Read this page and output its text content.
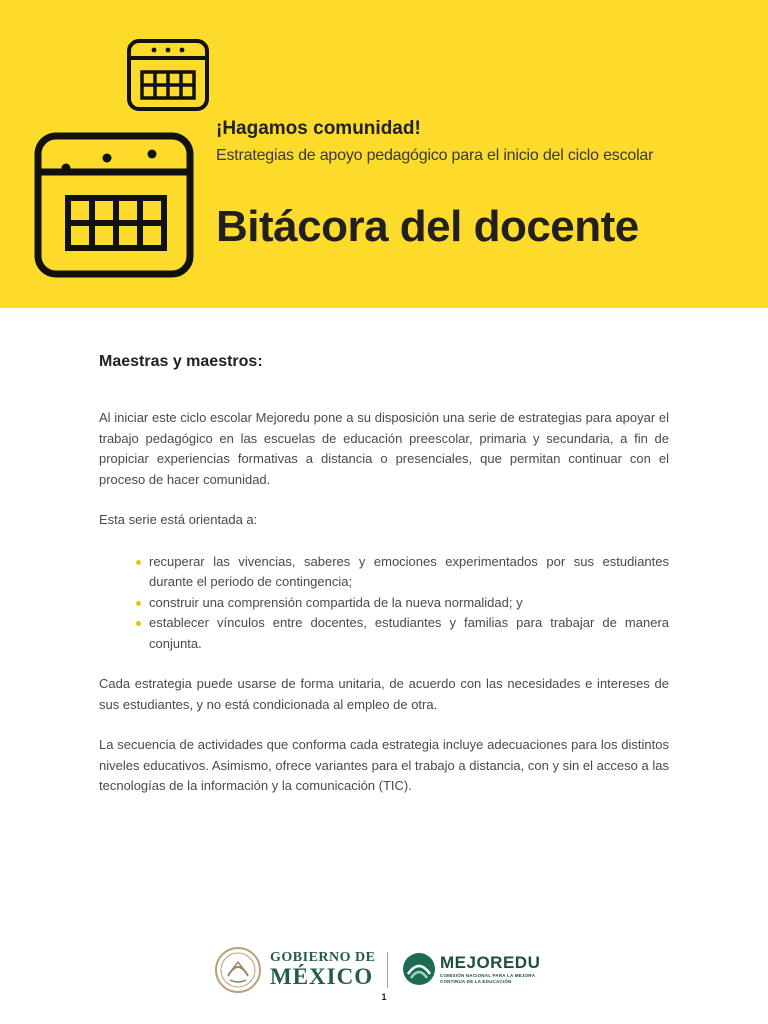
¡Hagamos comunidad!
Estrategias de apoyo pedagógico para el inicio del ciclo escolar
Bitácora del docente
Maestras y maestros:

Al iniciar este ciclo escolar Mejoredu pone a su disposición una serie de estrategias para apoyar el trabajo pedagógico en las escuelas de educación preescolar, primaria y secundaria, a fin de propiciar experiencias formativas a distancia o presenciales, que permitan continuar con el proceso de hacer comunidad.

Esta serie está orientada a:

recuperar las vivencias, saberes y emociones experimentados por sus estudiantes durante el periodo de contingencia;
construir una comprensión compartida de la nueva normalidad; y
establecer vínculos entre docentes, estudiantes y familias para trabajar de manera conjunta.

Cada estrategia puede usarse de forma unitaria, de acuerdo con las necesidades e intereses de sus estudiantes, y no está condicionada al empleo de otra.

La secuencia de actividades que conforma cada estrategia incluye adecuaciones para los distintos niveles educativos. Asimismo, ofrece variantes para el trabajo a distancia, con y sin el acceso a las tecnologías de la información y la comunicación (TIC).

GOBIERNO DE
MÉXICO
MEJOREDU
COMISIÓN NACIONAL PARA LA MEJORA CONTINUA DE LA EDUCACIÓN
1
